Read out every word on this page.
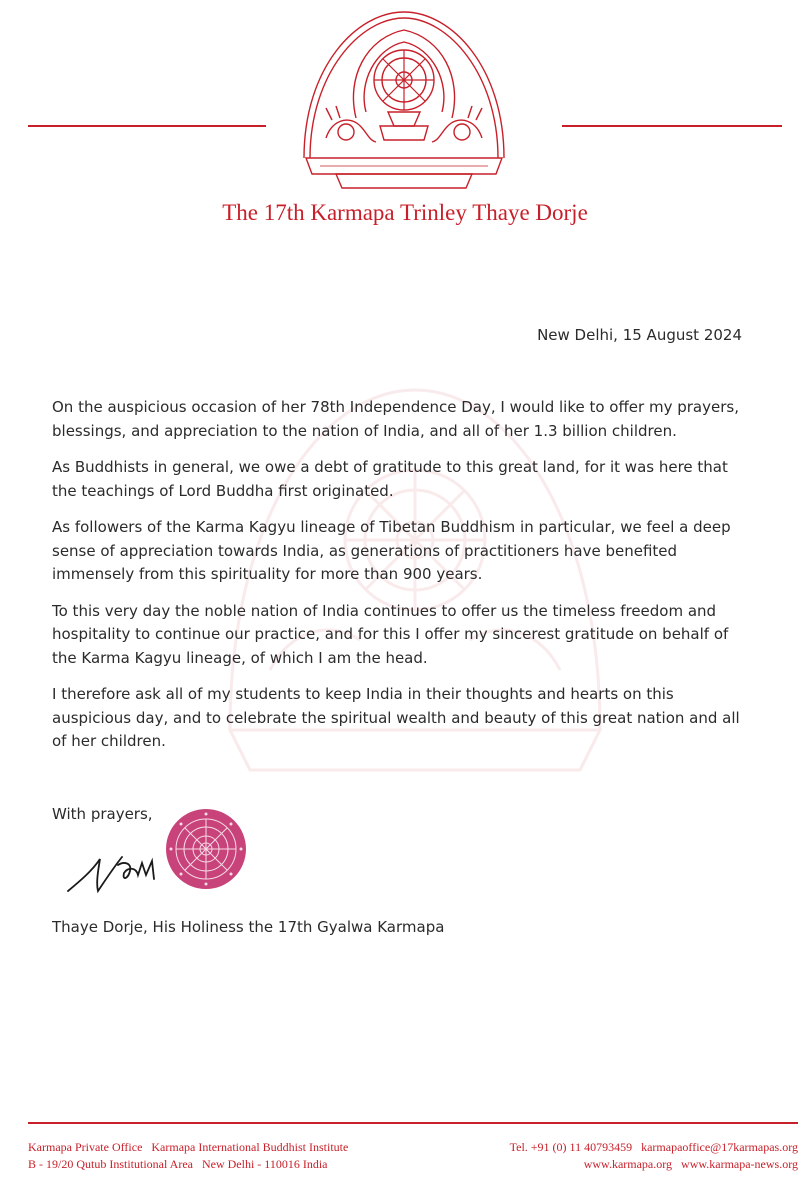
The 17th Karmapa Trinley Thaye Dorje
New Delhi, 15 August 2024

On the auspicious occasion of her 78th Independence Day, I would like to offer my prayers, blessings, and appreciation to the nation of India, and all of her 1.3 billion children.

As Buddhists in general, we owe a debt of gratitude to this great land, for it was here that the teachings of Lord Buddha first originated.

As followers of the Karma Kagyu lineage of Tibetan Buddhism in particular, we feel a deep sense of appreciation towards India, as generations of practitioners have benefited immensely from this spirituality for more than 900 years.

To this very day the noble nation of India continues to offer us the timeless freedom and hospitality to continue our practice, and for this I offer my sincerest gratitude on behalf of the Karma Kagyu lineage, of which I am the head.

I therefore ask all of my students to keep India in their thoughts and hearts on this auspicious day, and to celebrate the spiritual wealth and beauty of this great nation and all of her children.

With prayers,
Thaye Dorje, His Holiness the 17th Gyalwa Karmapa
Karmapa Private Office   Karmapa International Buddhist Institute
B - 19/20 Qutub Institutional Area   New Delhi - 110016 India
Tel. +91 (0) 11 40793459   karmapaoffice@17karmapas.org
www.karmapa.org   www.karmapa-news.org
